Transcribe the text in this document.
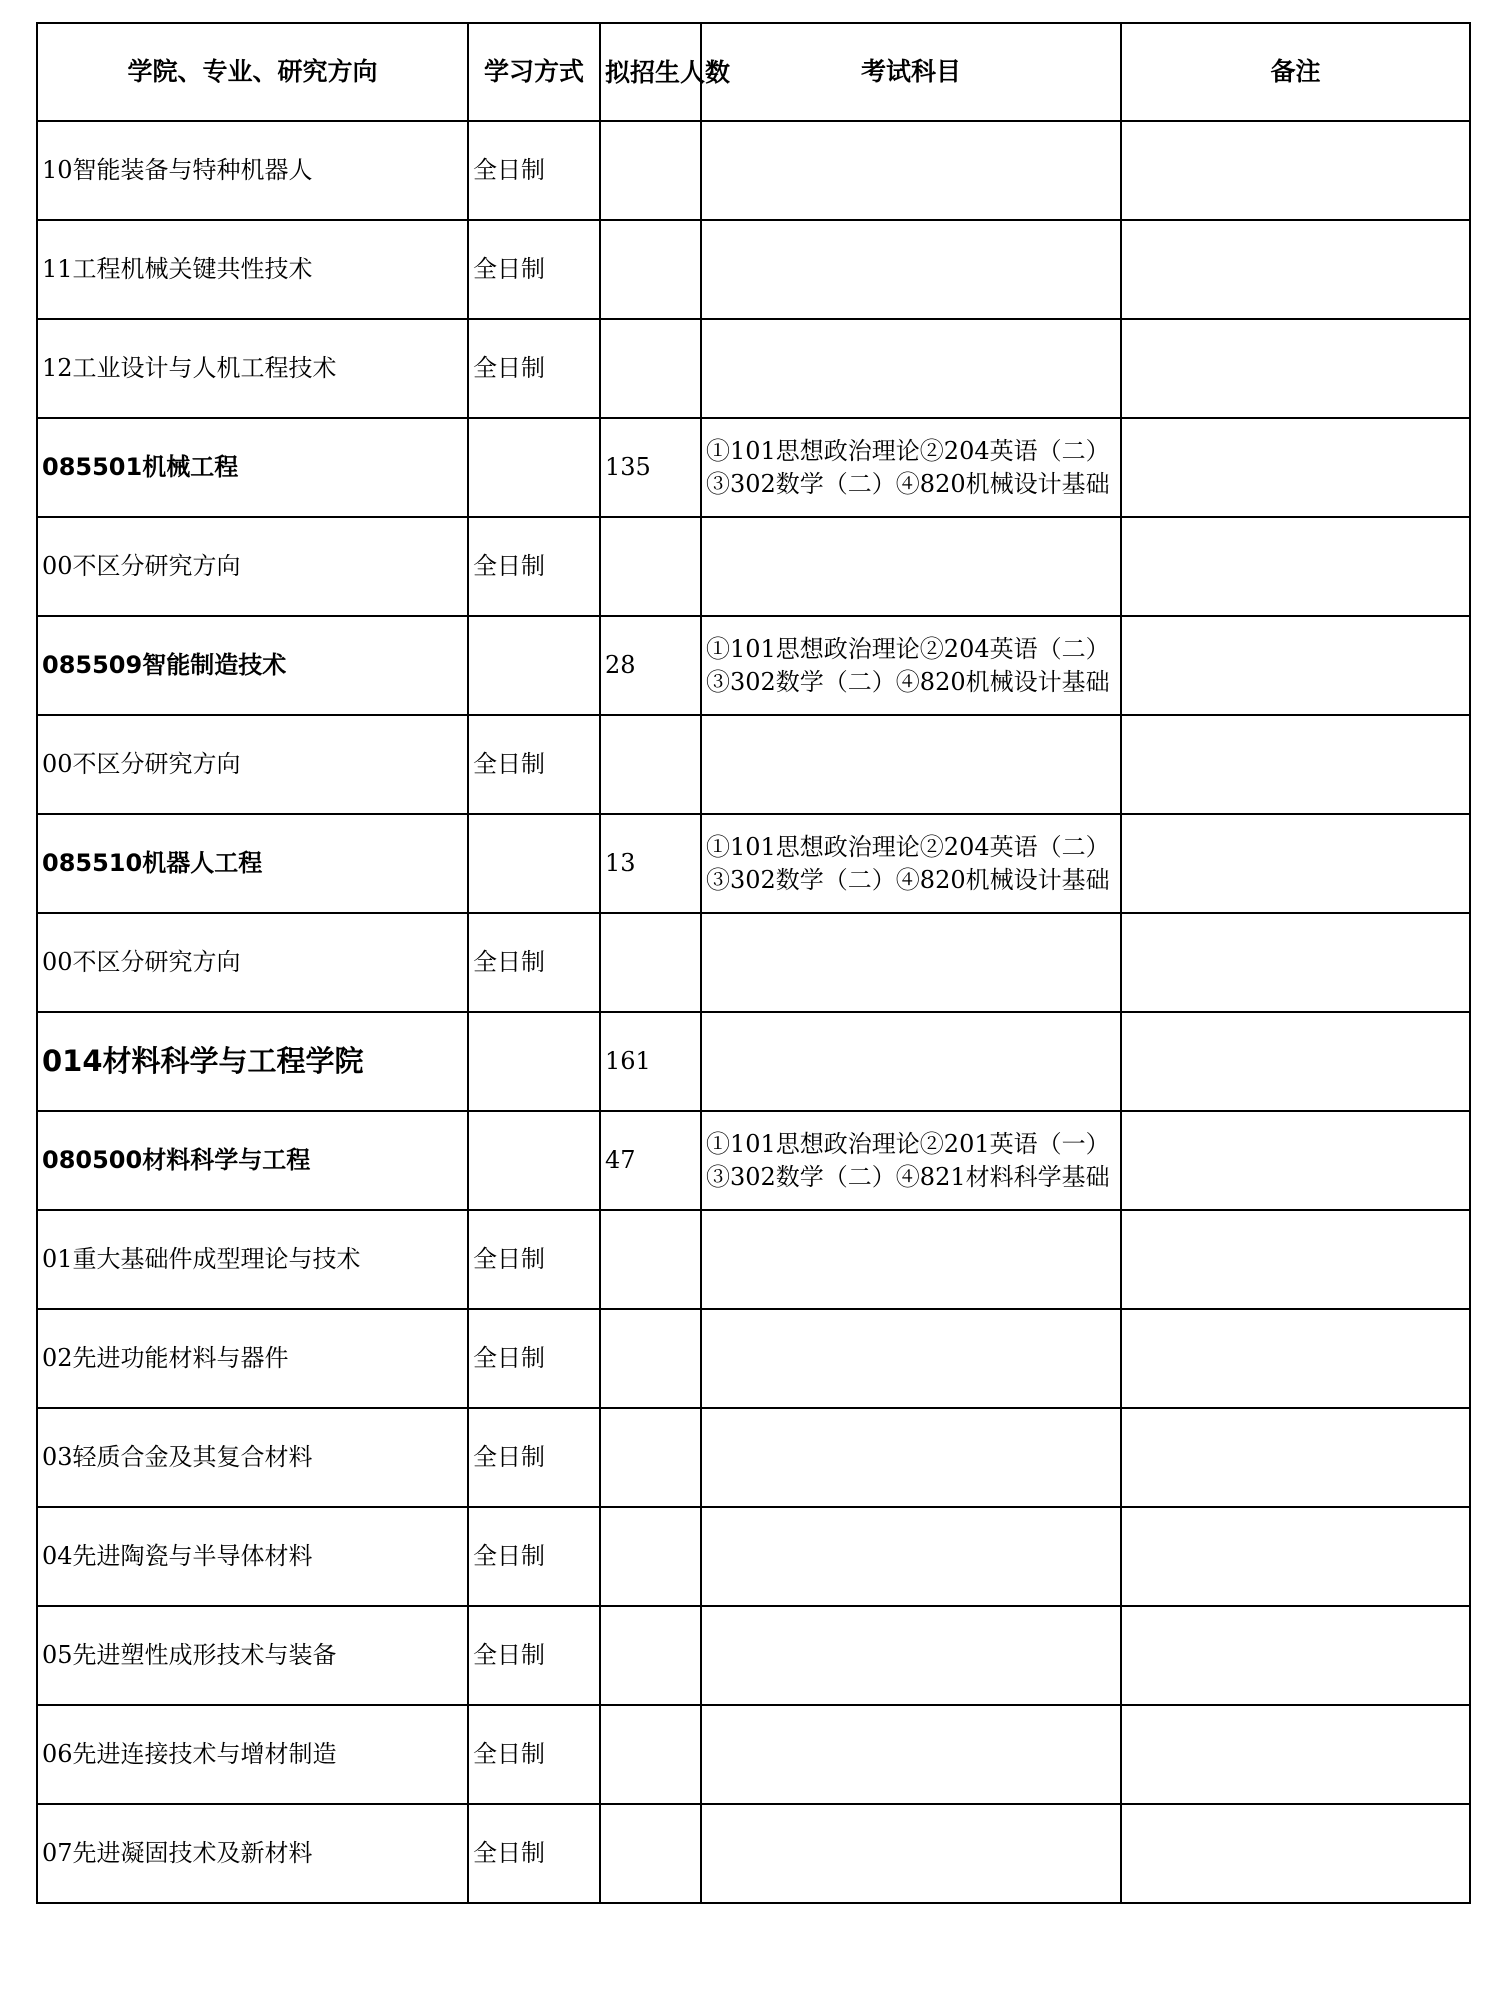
学院、专业、研究方向	学习方式	拟招生人数	考试科目	备注
10智能装备与特种机器人	全日制			
11工程机械关键共性技术	全日制			
12工业设计与人机工程技术	全日制			
085501机械工程		135	①101思想政治理论②204英语（二）③302数学（二）④820机械设计基础	
00不区分研究方向	全日制			
085509智能制造技术		28	①101思想政治理论②204英语（二）③302数学（二）④820机械设计基础	
00不区分研究方向	全日制			
085510机器人工程		13	①101思想政治理论②204英语（二）③302数学（二）④820机械设计基础	
00不区分研究方向	全日制			
014材料科学与工程学院		161		
080500材料科学与工程		47	①101思想政治理论②201英语（一）③302数学（二）④821材料科学基础	
01重大基础件成型理论与技术	全日制			
02先进功能材料与器件	全日制			
03轻质合金及其复合材料	全日制			
04先进陶瓷与半导体材料	全日制			
05先进塑性成形技术与装备	全日制			
06先进连接技术与增材制造	全日制			
07先进凝固技术及新材料	全日制			
